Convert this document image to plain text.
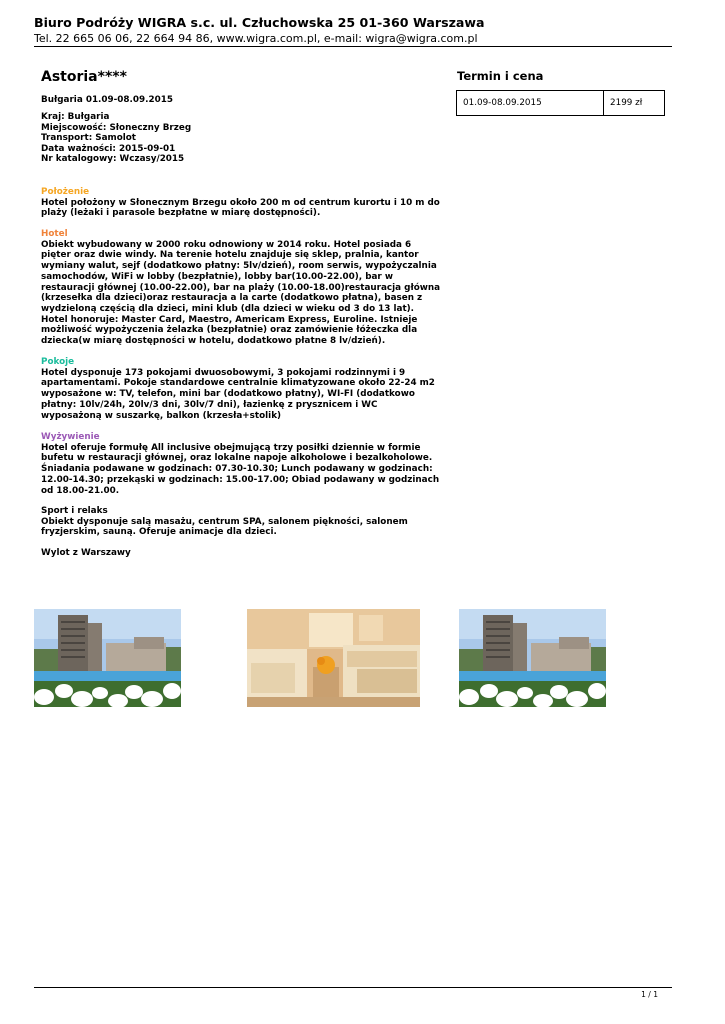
Biuro Podróży WIGRA s.c. ul. Człuchowska 25 01-360 Warszawa
Tel. 22 665 06 06, 22 664 94 86, www.wigra.com.pl, e-mail: wigra@wigra.com.pl
Astoria****
Bułgaria 01.09-08.09.2015
Kraj: Bułgaria
Miejscowość: Słoneczny Brzeg
Transport: Samolot
Data ważności: 2015-09-01
Nr katalogowy: Wczasy/2015
Położenie
Hotel położony w Słonecznym Brzegu około 200 m od centrum kurortu i 10 m do plaży (leżaki i parasole bezpłatne w miarę dostępności).
Hotel
Obiekt wybudowany w 2000 roku odnowiony w 2014 roku. Hotel posiada 6 pięter oraz dwie windy. Na terenie hotelu znajduje się sklep, pralnia, kantor wymiany walut, sejf (dodatkowo płatny: 5lv/dzień), room serwis, wypożyczalnia samochodów, WiFi w lobby (bezpłatnie), lobby bar(10.00-22.00), bar w restauracji głównej (10.00-22.00), bar na plaży (10.00-18.00)restauracja główna (krzesełka dla dzieci)oraz restauracja a la carte (dodatkowo płatna), basen z wydzieloną częścią dla dzieci, mini klub (dla dzieci w wieku od 3 do 13 lat). Hotel honoruje: Master Card, Maestro, Americam Express, Euroline. Istnieje możliwość wypożyczenia żelazka (bezpłatnie) oraz zamówienie łóżeczka dla dziecka(w miarę dostępności w hotelu, dodatkowo płatne 8 lv/dzień).
Pokoje
Hotel dysponuje 173 pokojami dwuosobowymi, 3 pokojami rodzinnymi i 9 apartamentami. Pokoje standardowe centralnie klimatyzowane około 22-24 m2 wyposażone w: TV, telefon, mini bar (dodatkowo płatny), WI-FI (dodatkowo płatny: 10lv/24h, 20lv/3 dni, 30lv/7 dni), łazienkę z prysznicem i WC wyposażoną w suszarkę, balkon (krzesła+stolik)
Wyżywienie
Hotel oferuje formułę All inclusive obejmującą trzy posiłki dziennie w formie bufetu w restauracji głównej, oraz lokalne napoje alkoholowe i bezalkoholowe. Śniadania podawane w godzinach: 07.30-10.30; Lunch podawany w godzinach: 12.00-14.30; przekąski w godzinach: 15.00-17.00; Obiad podawany w godzinach od 18.00-21.00.
Sport i relaks
Obiekt dysponuje salą masażu, centrum SPA, salonem piękności, salonem fryzjerskim, sauną. Oferuje animacje dla dzieci.
Wylot z Warszawy
Termin i cena
01.09-08.09.2015	2199 zł
1 / 1
